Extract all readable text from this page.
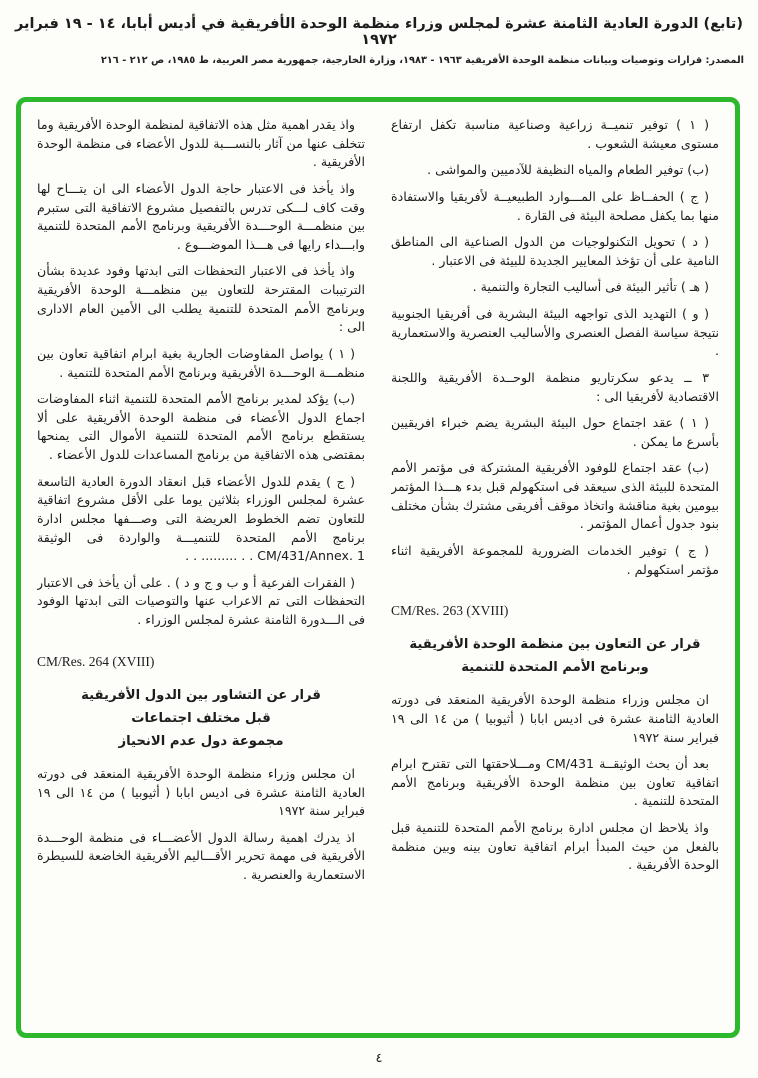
(تابع) الدورة العادية الثامنة عشرة لمجلس وزراء منظمة الوحدة الأفريقية في أديس أبابا، ١٤ - ١٩ فبراير ١٩٧٢
المصدر: قرارات وتوصيات وبيانات منظمة الوحدة الأفريقية ١٩٦٣ - ١٩٨٣، وزارة الخارجية، جمهورية مصر العربية، ط ١٩٨٥، ص ٢١٢ - ٢١٦

( ١ ) توفير تنميــة زراعية وصناعية مناسبة تكفل ارتفاع مستوى معيشة الشعوب .

(ب) توفير الطعام والمياه النظيفة للآدميين والمواشى .

( ج ) الحفــاظ على المـــوارد الطبيعيــة لأفريقيا والاستفادة منها بما يكفل مصلحة البيئة فى القارة .

( د ) تحويل التكنولوجيات من الدول الصناعية الى المناطق النامية على أن تؤخذ المعايير الجديدة للبيئة فى الاعتبار .

( هـ ) تأثير البيئة فى أساليب التجارة والتنمية .

( و ) التهديد الذى تواجهه البيئة البشرية فى أفريقيا الجنوبية نتيجة سياسة الفصل العنصرى والأساليب العنصرية والاستعمارية .

٣ ــ يدعو سكرتاريو منظمة الوحــدة الأفريقية واللجنة الاقتصادية لأفريقيا الى :

( ١ ) عقد اجتماع حول البيئة البشرية يضم خبراء افريقيين بأسرع ما يمكن .

(ب) عقد اجتماع للوفود الأفريقية المشتركة فى مؤتمر الأمم المتحدة للبيئة الذى سيعقد فى استكهولم قبل بدء هـــذا المؤتمر بيومين بغية مناقشة واتخاذ موقف أفريقى مشترك بشأن مختلف بنود جدول أعمال المؤتمر .

( ج ) توفير الخدمات الضرورية للمجموعة الأفريقية اثناء مؤتمر استكهولم .

CM/Res. 263 (XVIII)

قرار عن التعاون بين منظمة الوحدة الأفريقية
وبرنامج الأمم المتحدة للتنمية

ان مجلس وزراء منظمة الوحدة الأفريقية المنعقد فى دورته العادية الثامنة عشرة فى اديس ابابا ( أثيوبيا ) من ١٤ الى ١٩ فبراير سنة ١٩٧٢

بعد أن بحث الوثيقــة CM/431 ومـــلاحقتها التى تقترح ابرام اتفاقية تعاون بين منظمة الوحدة الأفريقية وبرنامج الأمم المتحدة للتنمية .

واذ يلاحظ ان مجلس ادارة برنامج الأمم المتحدة للتنمية قبل بالفعل من حيث المبدأ ابرام اتفاقية تعاون بينه وبين منظمة الوحدة الأفريقية .

واذ يقدر اهمية مثل هذه الاتفاقية لمنظمة الوحدة الأفريقية وما تتخلف عنها من آثار بالنســـبة للدول الأعضاء فى منظمة الوحدة الأفريقية .

واذ يأخذ فى الاعتبار حاجة الدول الأعضاء الى ان يتـــاح لها وقت كاف لـــكى تدرس بالتفصيل مشروع الاتفاقية التى ستبرم بين منظمـــة الوحـــدة الأفريقية وبرنامج الأمم المتحدة للتنمية وابـــداء رايها فى هـــذا الموضـــوع .

واذ يأخذ فى الاعتبار التحفظات التى ابدتها وفود عديدة بشأن الترتيبات المقترحة للتعاون بين منظمـــة الوحدة الأفريقية وبرنامج الأمم المتحدة للتنمية يطلب الى الأمين العام الادارى الى :

( ١ ) يواصل المفاوضات الجارية بغية ابرام اتفاقية تعاون بين منظمـــة الوحـــدة الأفريقية وبرنامج الأمم المتحدة للتنمية .

(ب) يؤكد لمدير برنامج الأمم المتحدة للتنمية اثناء المفاوضات اجماع الدول الأعضاء فى منظمة الوحدة الأفريقية على ألا يستقطع برنامج الأمم المتحدة للتنمية الأموال التى يمنحها بمقتضى هذه الاتفاقية من برنامج المساعدات للدول الأعضاء .

( ج ) يقدم للدول الأعضاء قبل انعقاد الدورة العادية التاسعة عشرة لمجلس الوزراء بثلاثين يوما على الأقل مشروع اتفاقية للتعاون تضم الخطوط العريضة التى وصـــفها مجلس ادارة برنامج الأمم المتحدة للتنميـــة والواردة فى الوثيقة CM/431/Annex. 1 . . ......... . .

( الفقرات الفرعية أ و ب و ج و د ) . على أن يأخذ فى الاعتبار التحفظات التى تم الاعراب عنها والتوصيات التى ابدتها الوفود فى الـــدورة الثامنة عشرة لمجلس الوزراء .

CM/Res. 264 (XVIII)

قرار عن التشاور بين الدول الأفريقية
قبل مختلف اجتماعات
مجموعة دول عدم الانحياز

ان مجلس وزراء منظمة الوحدة الأفريقية المنعقد فى دورته العادية الثامنة عشرة فى اديس ابابا ( أثيوبيا ) من ١٤ الى ١٩ فبراير سنة ١٩٧٢

اذ يدرك اهمية رسالة الدول الأعضـــاء فى منظمة الوحـــدة الأفريقية فى مهمة تحرير الأقـــاليم الأفريقية الخاضعة للسيطرة الاستعمارية والعنصرية .

٤
